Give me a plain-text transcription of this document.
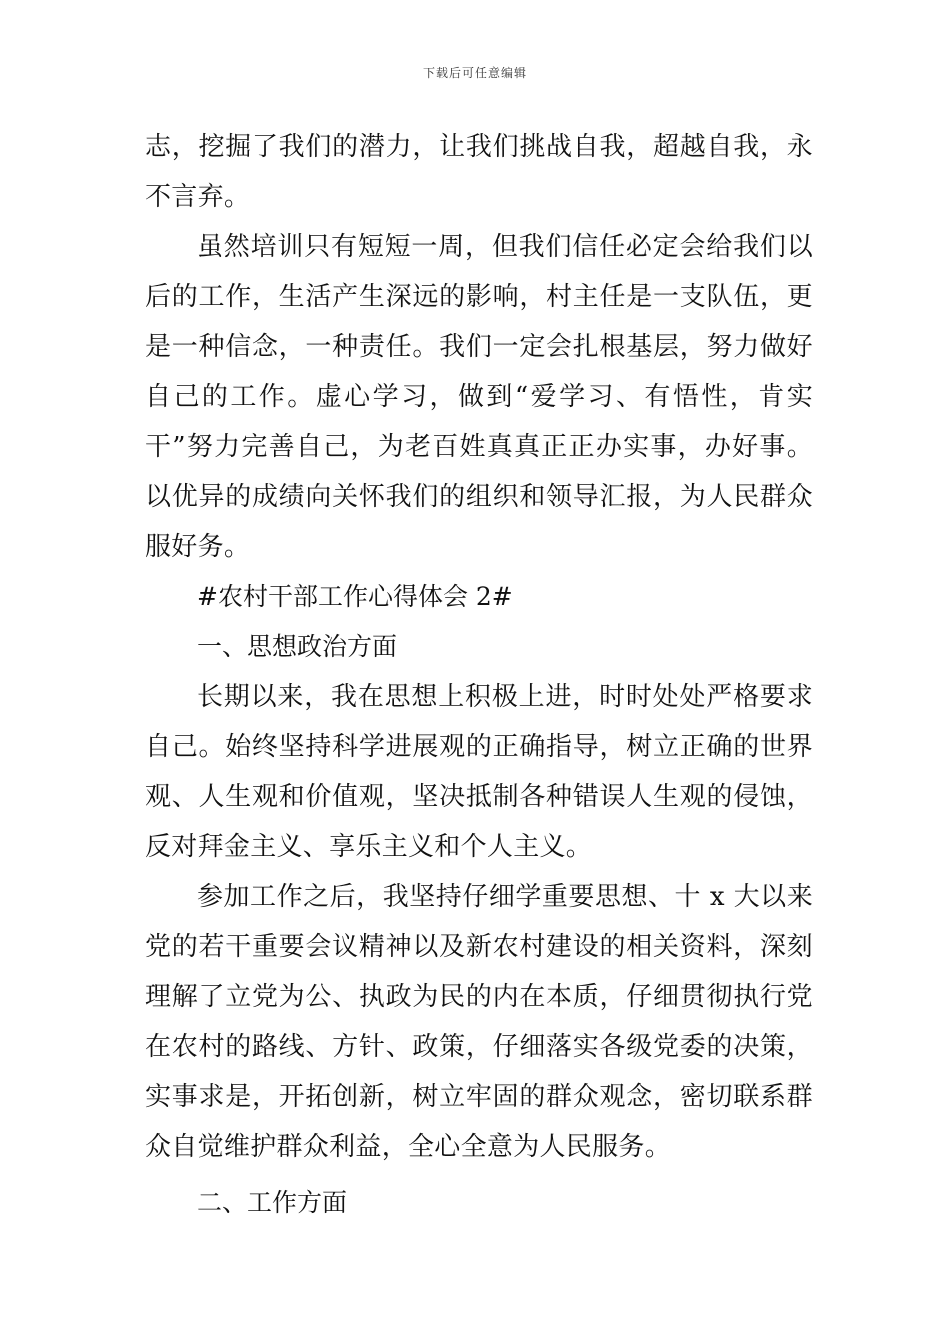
下载后可任意编辑

志，挖掘了我们的潜力，让我们挑战自我，超越自我，永不言弃。

虽然培训只有短短一周，但我们信任必定会给我们以后的工作，生活产生深远的影响，村主任是一支队伍，更是一种信念，一种责任。我们一定会扎根基层，努力做好自己的工作。虚心学习，做到“爱学习、有悟性，肯实干”努力完善自己，为老百姓真真正正办实事，办好事。以优异的成绩向关怀我们的组织和领导汇报，为人民群众服好务。

#农村干部工作心得体会 2#

一、思想政治方面

长期以来，我在思想上积极上进，时时处处严格要求自己。始终坚持科学进展观的正确指导，树立正确的世界观、人生观和价值观，坚决抵制各种错误人生观的侵蚀，反对拜金主义、享乐主义和个人主义。

参加工作之后，我坚持仔细学重要思想、十 x 大以来党的若干重要会议精神以及新农村建设的相关资料，深刻理解了立党为公、执政为民的内在本质，仔细贯彻执行党在农村的路线、方针、政策，仔细落实各级党委的决策，实事求是，开拓创新，树立牢固的群众观念，密切联系群众自觉维护群众利益，全心全意为人民服务。

二、工作方面
